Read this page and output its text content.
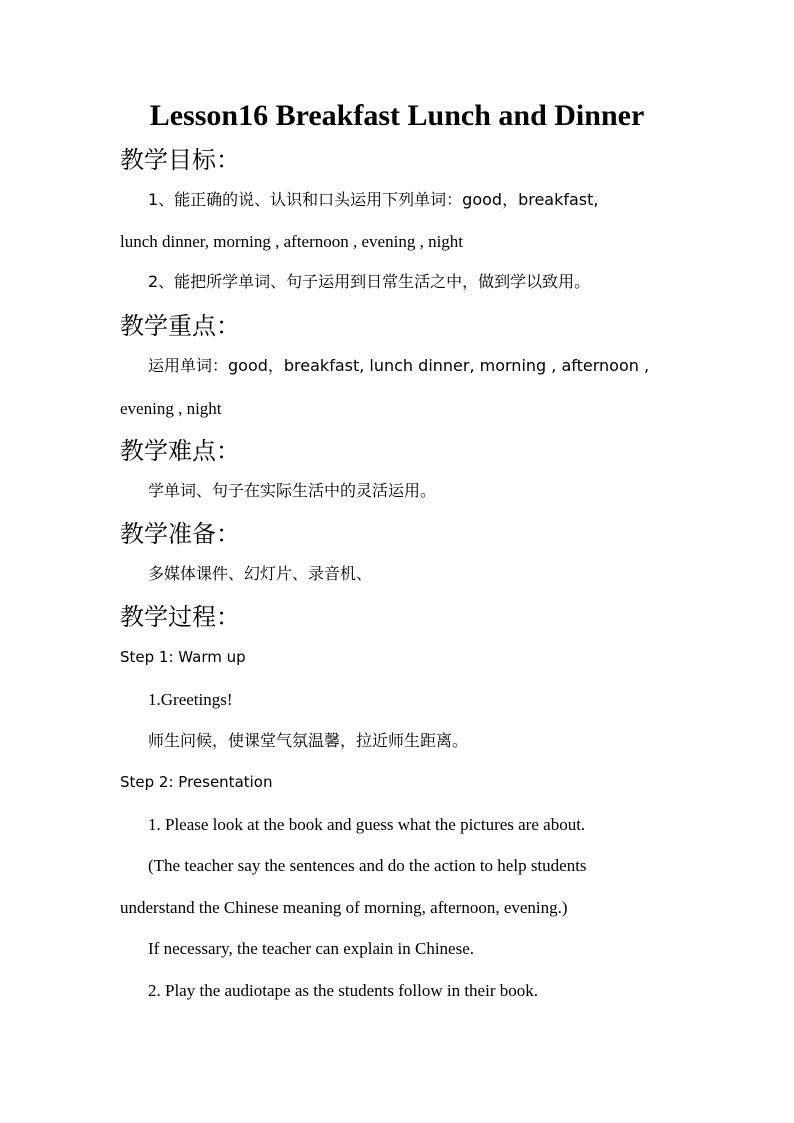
Lesson16 Breakfast Lunch and Dinner
教学目标：
1、能正确的说、认识和口头运用下列单词：good，breakfast,
lunch dinner, morning , afternoon , evening , night
2、能把所学单词、句子运用到日常生活之中，做到学以致用。
教学重点：
运用单词：good，breakfast, lunch dinner, morning , afternoon ,
evening , night
教学难点：
学单词、句子在实际生活中的灵活运用。
教学准备：
多媒体课件、幻灯片、录音机、
教学过程：
Step 1: Warm up
1.Greetings!
师生问候，使课堂气氛温馨，拉近师生距离。
Step 2: Presentation
1. Please look at the book and guess what the pictures are about.
(The teacher say the sentences and do the action to help students
understand the Chinese meaning of morning, afternoon, evening.)
If necessary, the teacher can explain in Chinese.
2. Play the audiotape as the students follow in their book.
